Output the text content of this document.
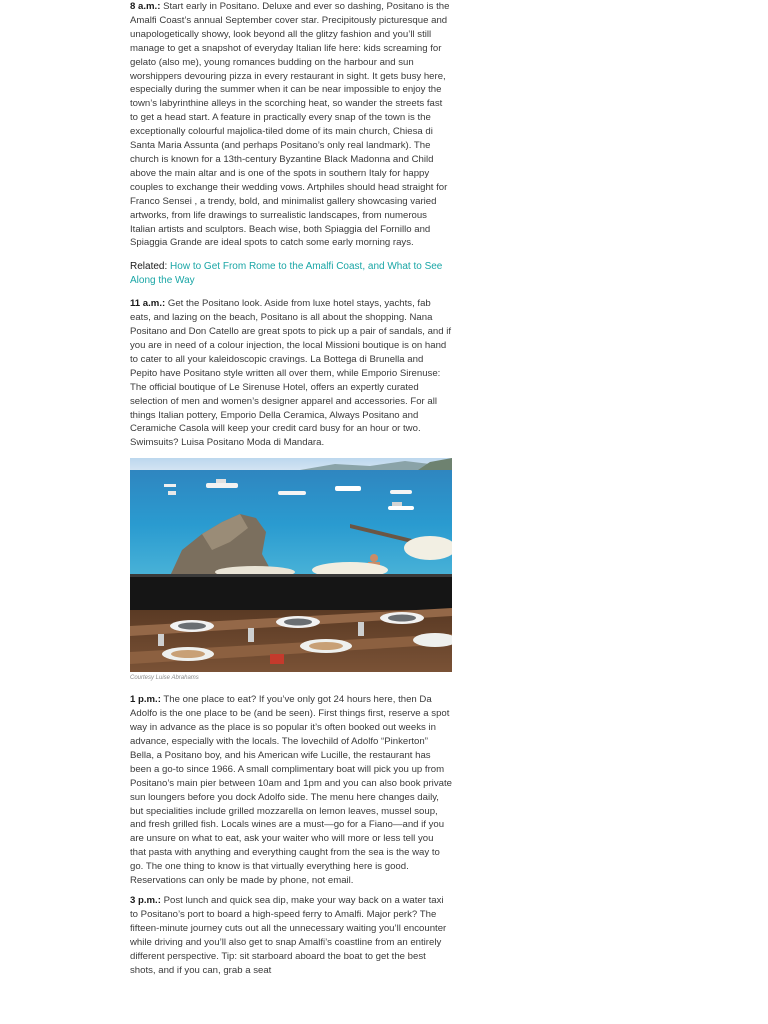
8 a.m.: Start early in Positano. Deluxe and ever so dashing, Positano is the Amalfi Coast’s annual September cover star. Precipitously picturesque and unapologetically showy, look beyond all the glitzy fashion and you’ll still manage to get a snapshot of everyday Italian life here: kids screaming for gelato (also me), young romances budding on the harbour and sun worshippers devouring pizza in every restaurant in sight. It gets busy here, especially during the summer when it can be near impossible to enjoy the town’s labyrinthine alleys in the scorching heat, so wander the streets fast to get a head start. A feature in practically every snap of the town is the exceptionally colourful majolica-tiled dome of its main church, Chiesa di Santa Maria Assunta (and perhaps Positano’s only real landmark). The church is known for a 13th-century Byzantine Black Madonna and Child above the main altar and is one of the spots in southern Italy for happy couples to exchange their wedding vows. Artphiles should head straight for Franco Sensei , a trendy, bold, and minimalist gallery showcasing varied artworks, from life drawings to surrealistic landscapes, from numerous Italian artists and sculptors. Beach wise, both Spiaggia del Fornillo and Spiaggia Grande are ideal spots to catch some early morning rays.

Related: How to Get From Rome to the Amalfi Coast, and What to See Along the Way

11 a.m.: Get the Positano look. Aside from luxe hotel stays, yachts, fab eats, and lazing on the beach, Positano is all about the shopping. Nana Positano and Don Catello are great spots to pick up a pair of sandals, and if you are in need of a colour injection, the local Missioni boutique is on hand to cater to all your kaleidoscopic cravings. La Bottega di Brunella and Pepito have Positano style written all over them, while Emporio Sirenuse: The official boutique of Le Sirenuse Hotel, offers an expertly curated selection of men and women’s designer apparel and accessories. For all things Italian pottery, Emporio Della Ceramica, Always Positano and Ceramiche Casola will keep your credit card busy for an hour or two. Swimsuits? Luisa Positano Moda di Mandara.

Courtesy Luise Abrahams

1 p.m.: The one place to eat? If you’ve only got 24 hours here, then Da Adolfo is the one place to be (and be seen). First things first, reserve a spot way in advance as the place is so popular it’s often booked out weeks in advance, especially with the locals. The lovechild of Adolfo “Pinkerton” Bella, a Positano boy, and his American wife Lucille, the restaurant has been a go-to since 1966. A small complimentary boat will pick you up from Positano’s main pier between 10am and 1pm and you can also book private sun loungers before you dock Adolfo side. The menu here changes daily, but specialities include grilled mozzarella on lemon leaves, mussel soup, and fresh grilled fish. Locals wines are a must—go for a Fiano—and if you are unsure on what to eat, ask your waiter who will more or less tell you that pasta with anything and everything caught from the sea is the way to go. The one thing to know is that virtually everything here is good. Reservations can only be made by phone, not email.

3 p.m.: Post lunch and quick sea dip, make your way back on a water taxi to Positano’s port to board a high-speed ferry to Amalfi. Major perk? The fifteen-minute journey cuts out all the unnecessary waiting you’ll encounter while driving and you’ll also get to snap Amalfi’s coastline from an entirely different perspective. Tip: sit starboard aboard the boat to get the best shots, and if you can, grab a seat
